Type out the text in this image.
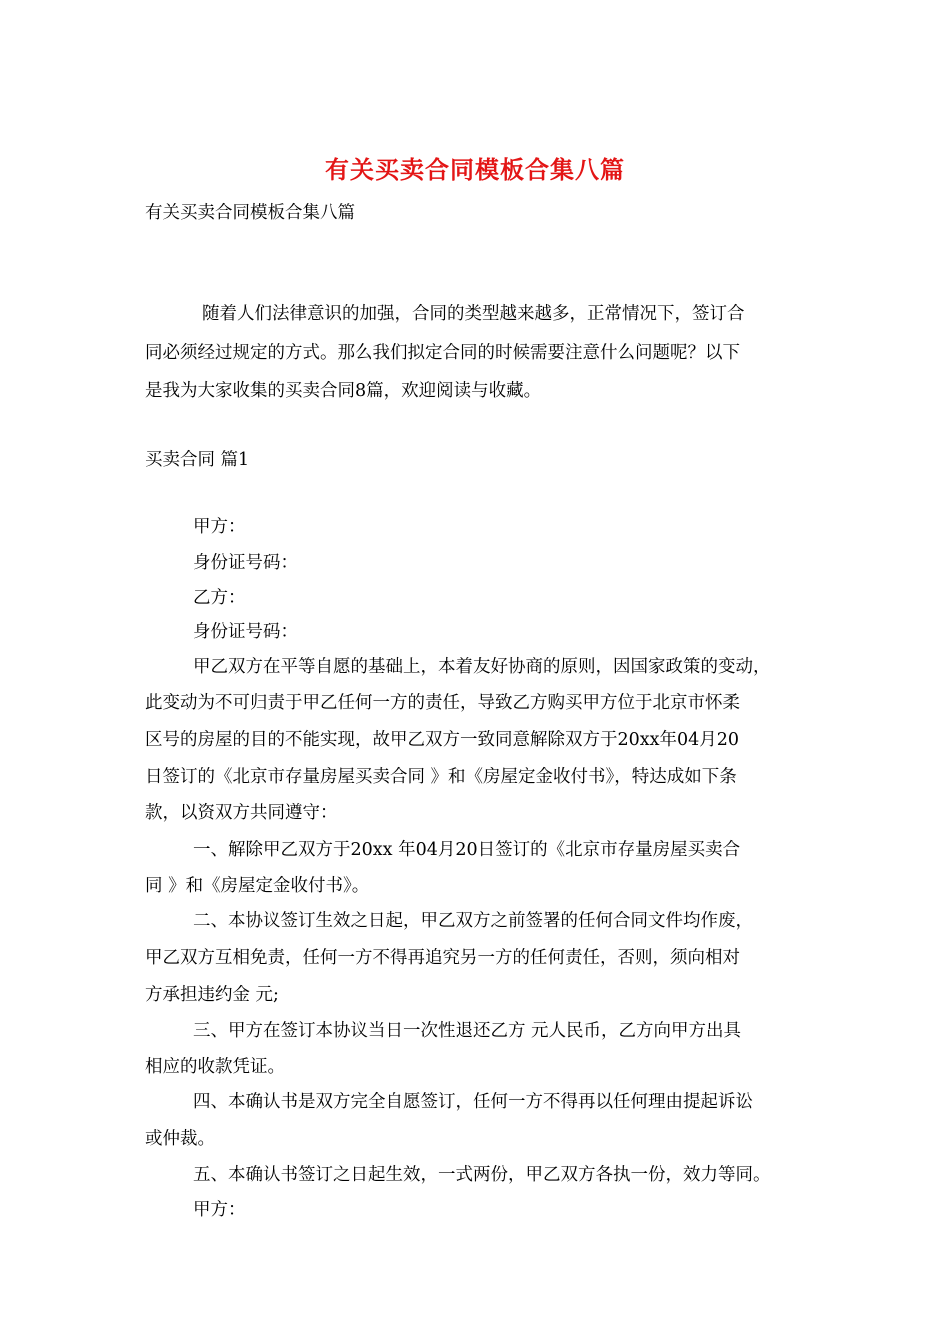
有关买卖合同模板合集八篇
有关买卖合同模板合集八篇
随着人们法律意识的加强，合同的类型越来越多，正常情况下，签订合
同必须经过规定的方式。那么我们拟定合同的时候需要注意什么问题呢？以下
是我为大家收集的买卖合同8篇，欢迎阅读与收藏。
买卖合同 篇1
甲方：
身份证号码：
乙方：
身份证号码：
甲乙双方在平等自愿的基础上，本着友好协商的原则，因国家政策的变动，
此变动为不可归责于甲乙任何一方的责任，导致乙方购买甲方位于北京市怀柔
区号的房屋的目的不能实现，故甲乙双方一致同意解除双方于20xx年04月20
日签订的《北京市存量房屋买卖合同 》和《房屋定金收付书》，特达成如下条
款，以资双方共同遵守：
一、解除甲乙双方于20xx 年04月20日签订的《北京市存量房屋买卖合
同 》和《房屋定金收付书》。
二、本协议签订生效之日起，甲乙双方之前签署的任何合同文件均作废，
甲乙双方互相免责，任何一方不得再追究另一方的任何责任，否则，须向相对
方承担违约金 元;
三、甲方在签订本协议当日一次性退还乙方 元人民币，乙方向甲方出具
相应的收款凭证。
四、本确认书是双方完全自愿签订，任何一方不得再以任何理由提起诉讼
或仲裁。
五、本确认书签订之日起生效，一式两份，甲乙双方各执一份，效力等同。
甲方：
